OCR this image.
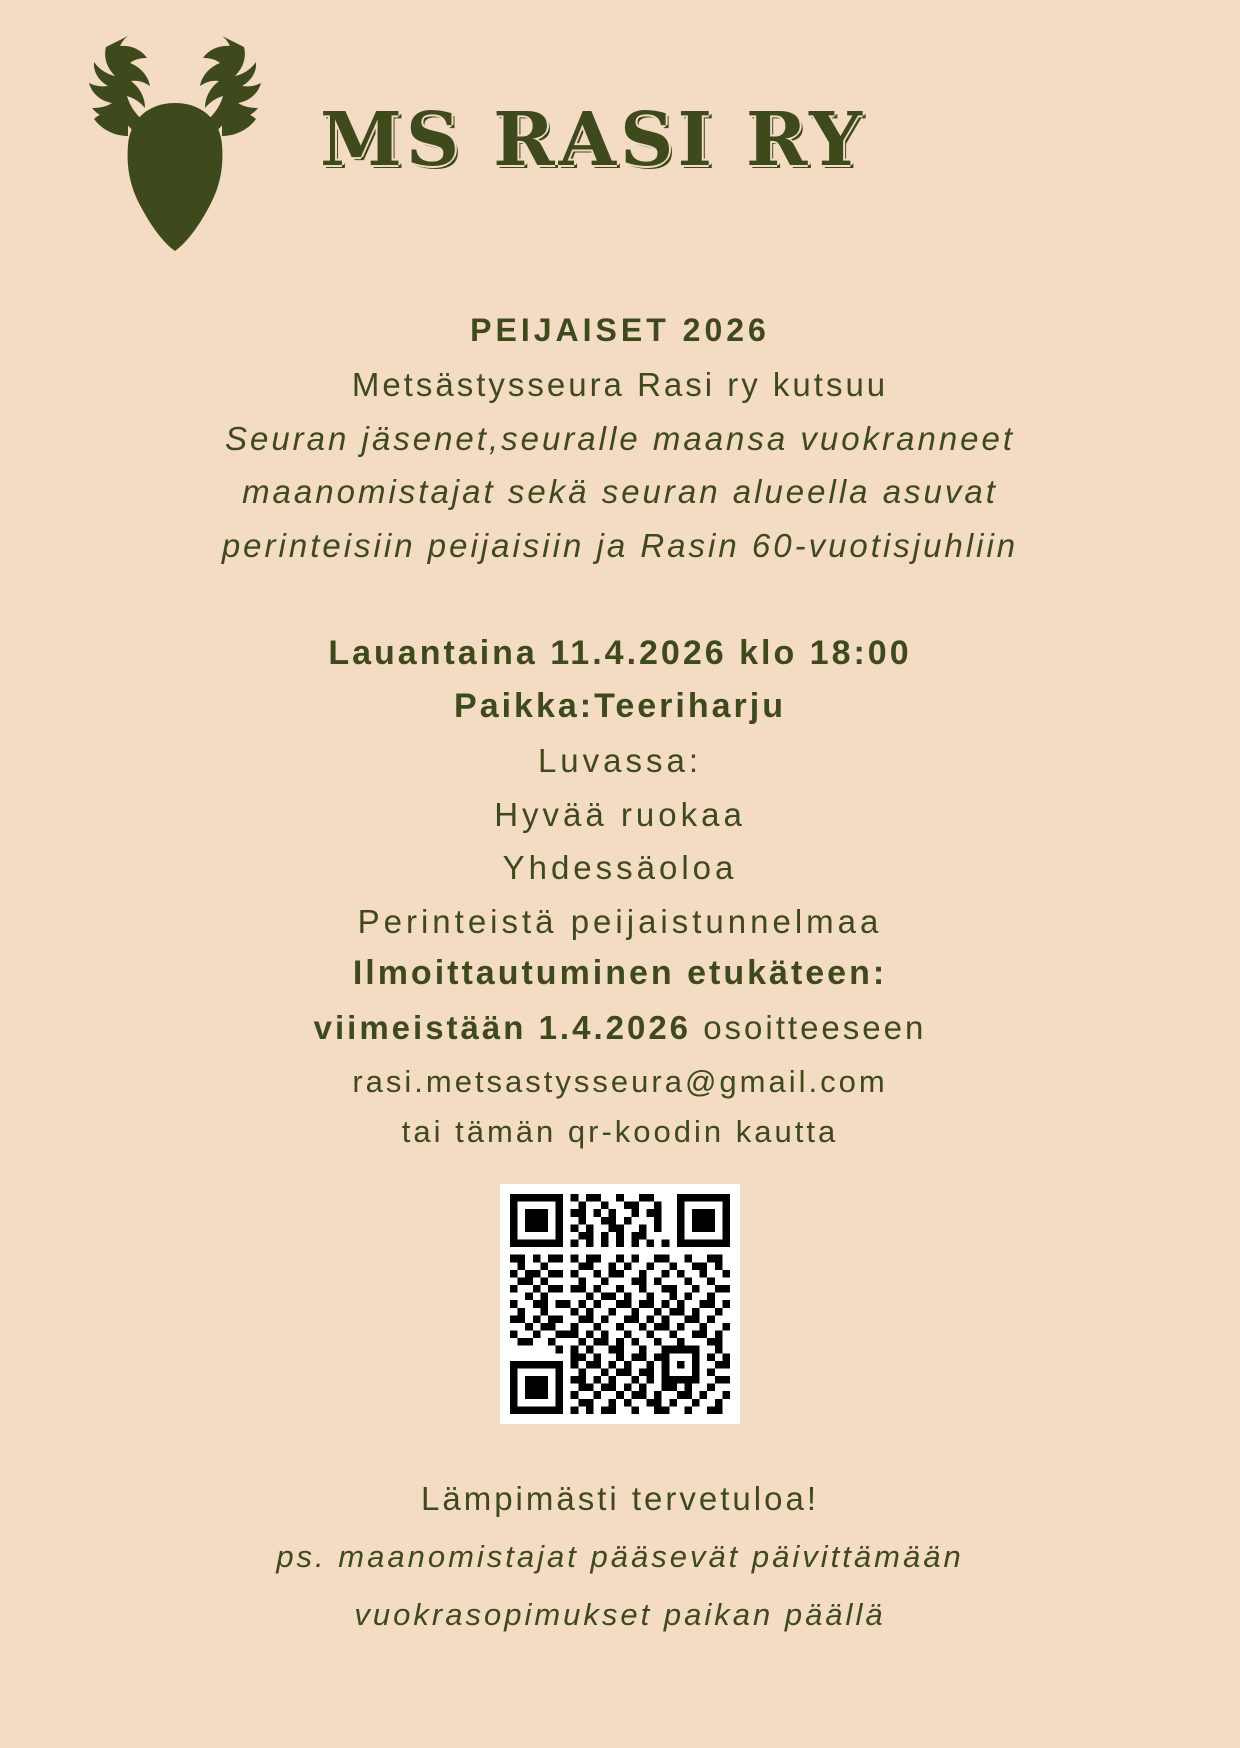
MS RASI RY
PEIJAISET 2026
Metsästysseura Rasi ry kutsuu
Seuran jäsenet,seuralle maansa vuokranneet
maanomistajat sekä seuran alueella asuvat
perinteisiin peijaisiin ja Rasin 60-vuotisjuhliin
Lauantaina 11.4.2026 klo 18:00
Paikka:Teeriharju
Luvassa:
Hyvää ruokaa
Yhdessäoloa
Perinteistä peijaistunnelmaa
Ilmoittautuminen etukäteen:
viimeistään 1.4.2026 osoitteeseen
rasi.metsastysseura@gmail.com
tai tämän qr-koodin kautta
Lämpimästi tervetuloa!
ps. maanomistajat pääsevät päivittämään
vuokrasopimukset paikan päällä
